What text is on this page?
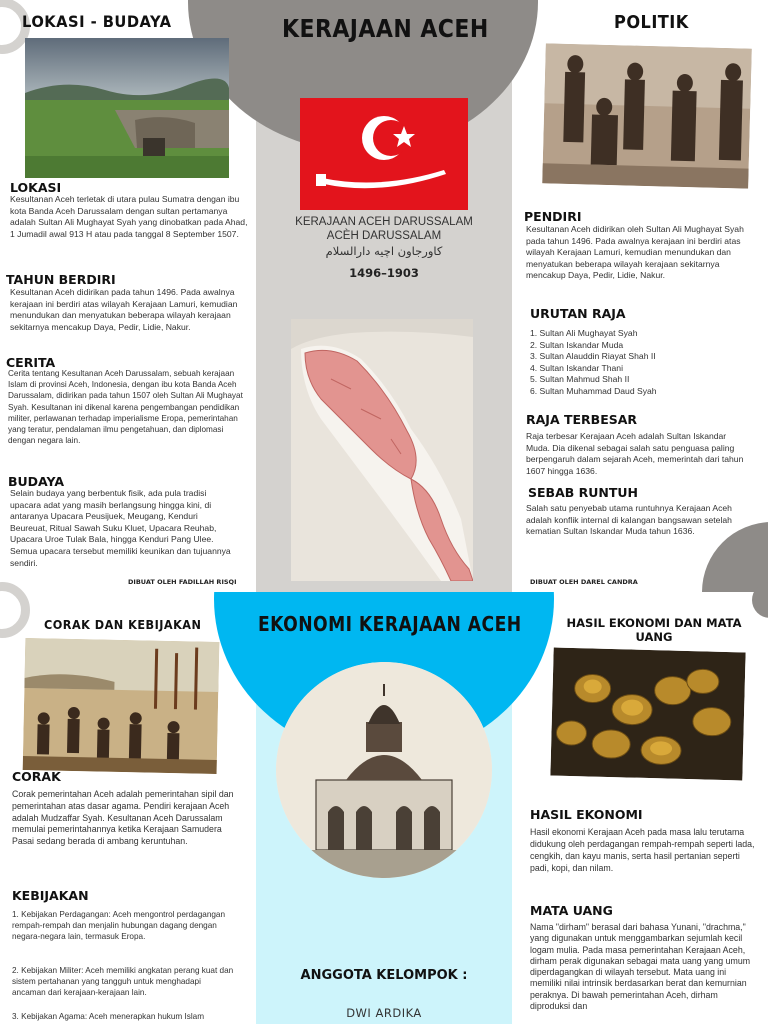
KERAJAAN ACEH
LOKASI - BUDAYA
LOKASI
Kesultanan Aceh terletak di utara pulau Sumatra dengan ibu kota Banda Aceh Darussalam dengan sultan pertamanya adalah Sultan Ali Mughayat Syah yang dinobatkan pada Ahad, 1 Jumadil awal 913 H atau pada tanggal 8 September 1507.
TAHUN BERDIRI
Kesultanan Aceh didirikan pada tahun 1496. Pada awalnya kerajaan ini berdiri atas wilayah Kerajaan Lamuri, kemudian menundukan dan menyatukan beberapa wilayah kerajaan sekitarnya mencakup Daya, Pedir, Lidie, Nakur.
CERITA
Cerita tentang Kesultanan Aceh Darussalam, sebuah kerajaan Islam di provinsi Aceh, Indonesia, dengan ibu kota Banda Aceh Darussalam, didirikan pada tahun 1507 oleh Sultan Ali Mughayat Syah. Kesultanan ini dikenal karena pengembangan pendidikan militer, perlawanan terhadap imperialisme Eropa, pemerintahan yang teratur, pendalaman ilmu pengetahuan, dan diplomasi dengan negara lain.
BUDAYA
Selain budaya yang berbentuk fisik, ada pula tradisi upacara adat yang masih berlangsung hingga kini, di antaranya Upacara Peusijuek, Meugang, Kenduri Beureuat, Ritual Sawah Suku Kluet, Upacara Reuhab, Upacara Uroe Tulak Bala, hingga Kenduri Pang Ulee. Semua upacara tersebut memiliki keunikan dan tujuannya sendiri.
DIBUAT OLEH FADILLAH RISQI
KERAJAAN ACEH DARUSSALAM
ACÈH DARUSSALAM
كاورجاون اچيه دارالسلام
1496–1903
POLITIK
PENDIRI
Kesultanan Aceh didirikan oleh Sultan Ali Mughayat Syah pada tahun 1496. Pada awalnya kerajaan ini berdiri atas wilayah Kerajaan Lamuri, kemudian menundukan dan menyatukan beberapa wilayah kerajaan sekitarnya mencakup Daya, Pedir, Lidie, Nakur.
URUTAN RAJA
1. Sultan Ali Mughayat Syah
2. Sultan Iskandar Muda
3. Sultan Alauddin Riayat Shah II
4. Sultan Iskandar Thani
5. Sultan Mahmud Shah II
6. Sultan Muhammad Daud Syah
RAJA TERBESAR
Raja terbesar Kerajaan Aceh adalah Sultan Iskandar Muda. Dia dikenal sebagai salah satu penguasa paling berpengaruh dalam sejarah Aceh, memerintah dari tahun 1607 hingga 1636.
SEBAB RUNTUH
Salah satu penyebab utama runtuhnya Kerajaan Aceh adalah konflik internal di kalangan bangsawan setelah kematian Sultan Iskandar Muda tahun 1636.
DIBUAT OLEH DAREL CANDRA
EKONOMI KERAJAAN ACEH
CORAK DAN KEBIJAKAN
CORAK
Corak pemerintahan Aceh adalah pemerintahan sipil dan pemerintahan atas dasar agama. Pendiri kerajaan Aceh adalah Mudzaffar Syah. Kesultanan Aceh Darussalam memulai pemerintahannya ketika Kerajaan Samudera Pasai sedang berada di ambang keruntuhan.
KEBIJAKAN
1. Kebijakan Perdagangan: Aceh mengontrol perdagangan rempah-rempah dan menjalin hubungan dagang dengan negara-negara lain, termasuk Eropa.
2. Kebijakan Militer: Aceh memiliki angkatan perang kuat dan sistem pertahanan yang tangguh untuk menghadapi ancaman dari kerajaan-kerajaan lain.
3. Kebijakan Agama: Aceh menerapkan hukum Islam
ANGGOTA KELOMPOK :
DWI ARDIKA
HASIL EKONOMI DAN MATA
UANG
HASIL EKONOMI
Hasil ekonomi Kerajaan Aceh pada masa lalu terutama didukung oleh perdagangan rempah-rempah seperti lada, cengkih, dan kayu manis, serta hasil pertanian seperti padi, kopi, dan nilam.
MATA UANG
Nama "dirham" berasal dari bahasa Yunani, "drachma," yang digunakan untuk menggambarkan sejumlah kecil logam mulia. Pada masa pemerintahan Kerajaan Aceh, dirham perak digunakan sebagai mata uang yang umum diperdagangkan di wilayah tersebut. Mata uang ini memiliki nilai intrinsik berdasarkan berat dan kemurnian peraknya. Di bawah pemerintahan Aceh, dirham diproduksi dan
